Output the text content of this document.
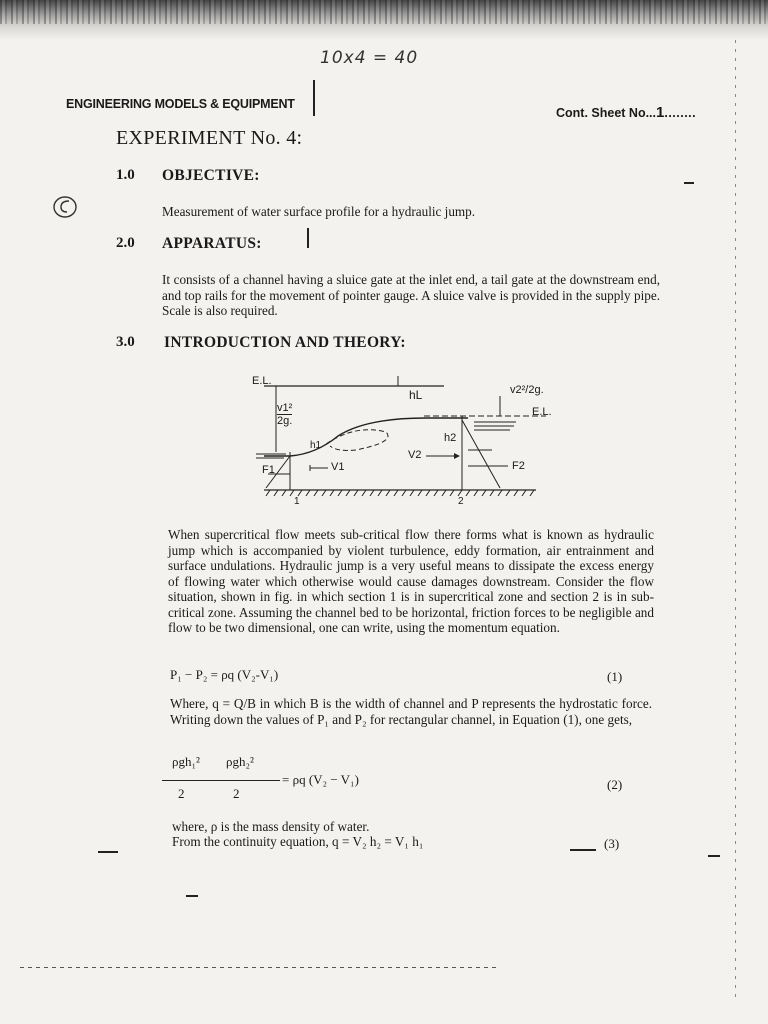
10x4 = 40
ENGINEERING MODELS & EQUIPMENT
Cont. Sheet No...1........
EXPERIMENT No. 4:
1.0 OBJECTIVE:
Measurement of water surface profile for a hydraulic jump.
2.0 APPARATUS:
It consists of a channel having a sluice gate at the inlet end, a tail gate at the downstream end, and top rails for the movement of pointer gauge. A sluice valve is provided in the supply pipe. Scale is also required.
3.0 INTRODUCTION AND THEORY:
E.L.
hL	v2²/2g.
E.L.
$\frac{\text{v1²}}{2g.}$
h1
h2
V1
V2
F1	F2
1	2
When supercritical flow meets sub-critical flow there forms what is known as hydraulic jump which is accompanied by violent turbulence, eddy formation, air entrainment and surface undulations. Hydraulic jump is a very useful means to dissipate the excess energy of flowing water which otherwise would cause damages downstream. Consider the flow situation, shown in fig. in which section 1 is in supercritical zone and section 2 is in sub-critical zone. Assuming the channel bed to be horizontal, friction forces to be negligible and flow to be two dimensional, one can write, using the momentum equation.
P₁ − P₂ = ρq (V₂-V₁)	(1)
Where, q = Q/B in which B is the width of channel and P represents the hydrostatic force. Writing down the values of P₁ and P₂ for rectangular channel, in Equation (1), one gets,
ρgh₁² ρgh₂²
2	2
= ρq (V₂ − V₁)	(2)
where, ρ is the mass density of water.
From the continuity equation, q = V₂ h₂ = V₁ h₁	(3)
